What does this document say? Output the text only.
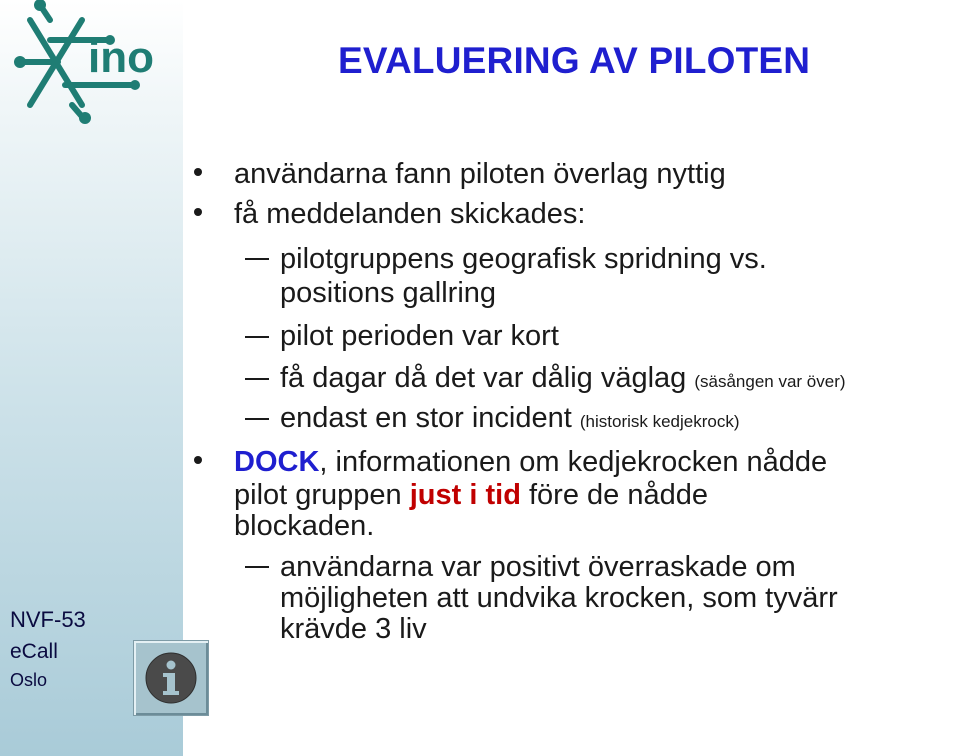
ino	EVALUERING AV PILOTEN
användarna fann piloten överlag nyttig
få meddelanden skickades:
pilotgruppens geografisk spridning vs.
positions gallring
pilot perioden var kort
få dagar då det var dålig väglag (säsången var över)
endast en stor incident (historisk kedjekrock)
DOCK, informationen om kedjekrocken nådde
pilot gruppen just i tid före de nådde
blockaden.
användarna var positivt överraskade om
möjligheten att undvika krocken, som tyvärr
krävde 3 liv
NVF-53
eCall
Oslo
